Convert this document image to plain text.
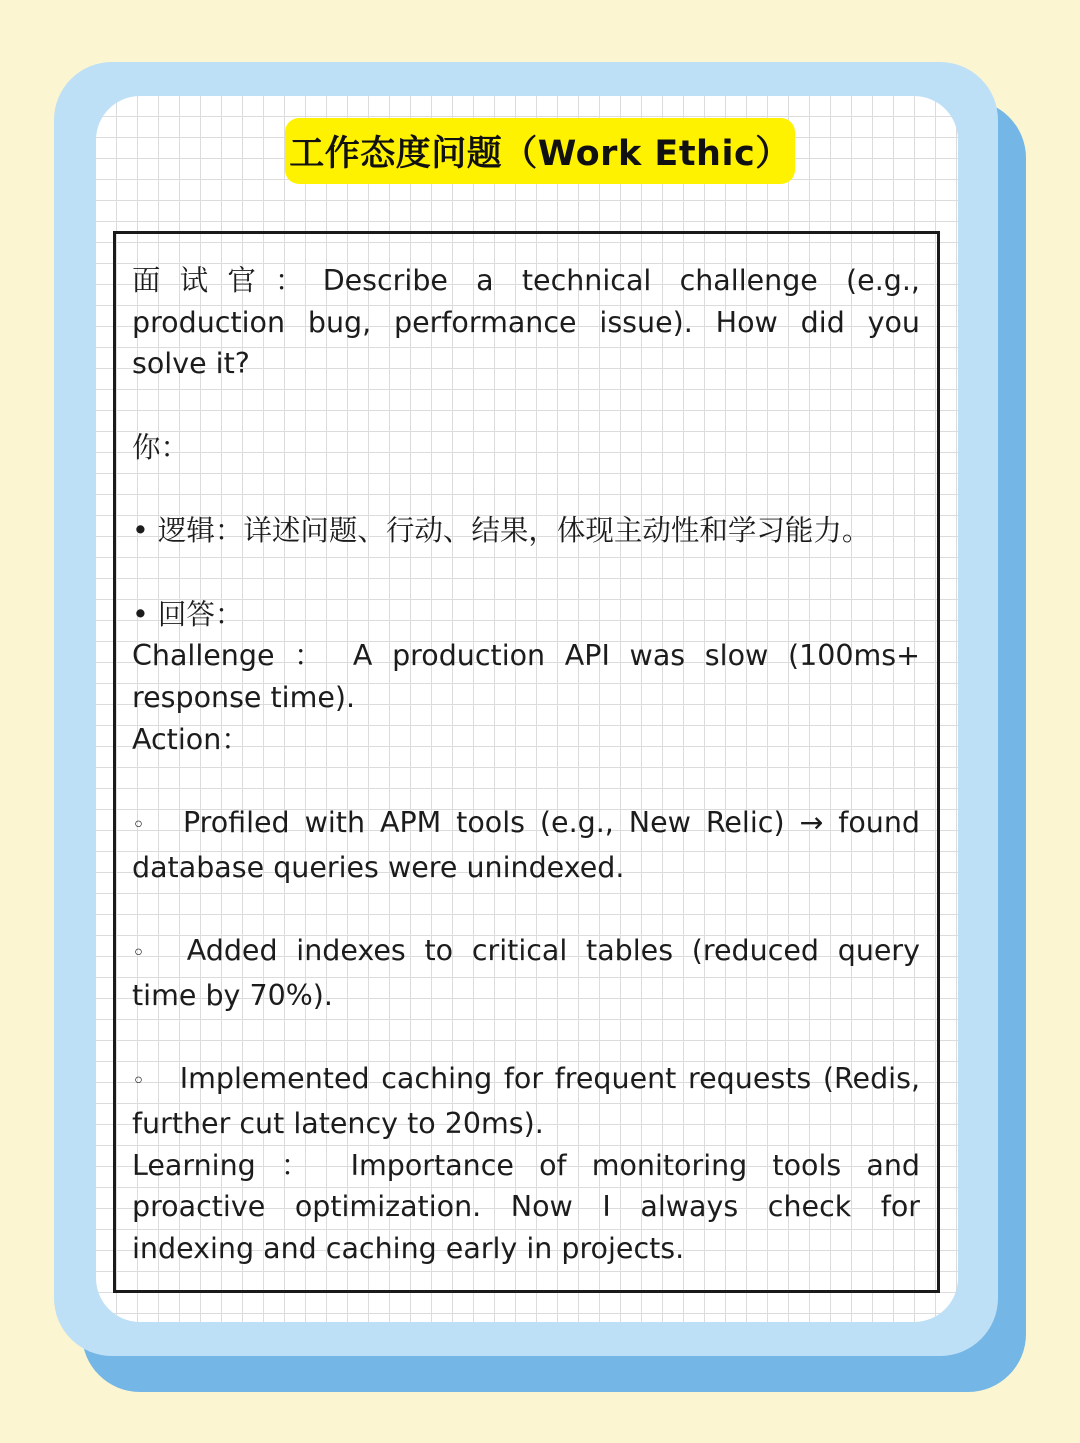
工作态度问题（Work Ethic）

面试官：Describe a technical challenge (e.g., production bug, performance issue). How did you solve it?

你：

• 逻辑：详述问题、行动、结果，体现主动性和学习能力。

• 回答：

Challenge ： A production API was slow (100ms+ response time).

Action：

◦ Profiled with APM tools (e.g., New Relic) → found database queries were unindexed.

◦ Added indexes to critical tables (reduced query time by 70%).

◦ Implemented caching for frequent requests (Redis, further cut latency to 20ms).

Learning ： Importance of monitoring tools and proactive optimization. Now I always check for indexing and caching early in projects.
